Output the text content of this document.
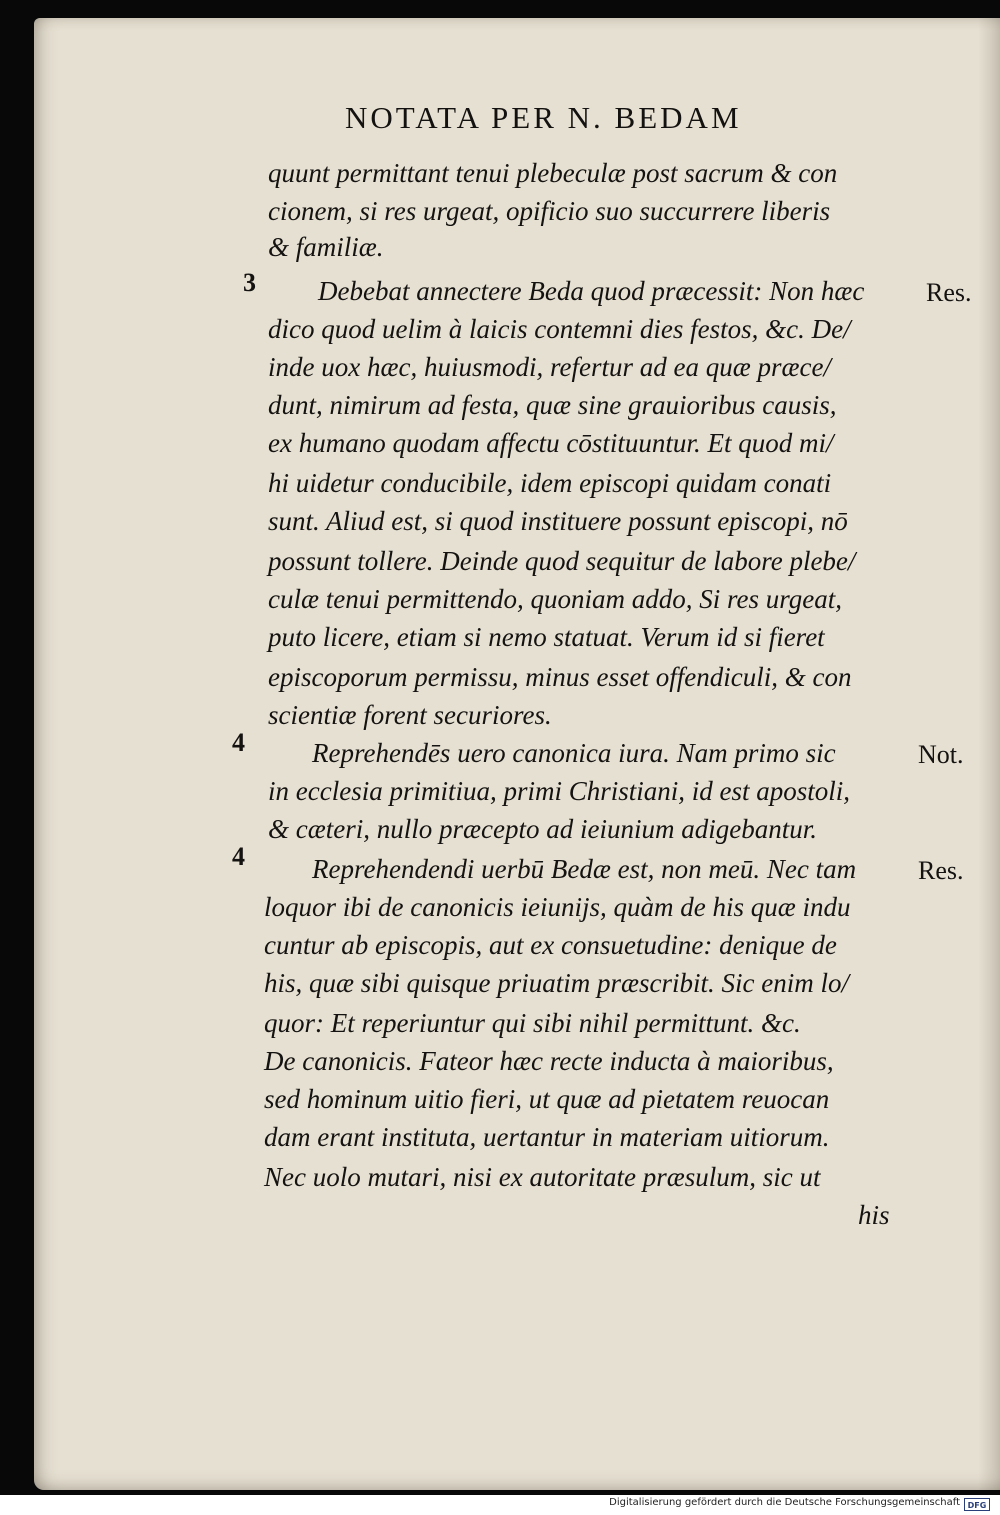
NOTATA PER N. BEDAM
quunt permittant tenui plebeculæ post sacrum & con
cionem, si res urgeat, opificio suo succurrere liberis
& familiæ.
Debebat annectere Beda quod præcessit: Non hæc
dico quod uelim à laicis contemni dies festos, &c. De/
inde uox hæc, huiusmodi, refertur ad ea quæ præce/
dunt, nimirum ad festa, quæ sine grauioribus causis,
ex humano quodam affectu cōstituuntur. Et quod mi/
hi uidetur conducibile, idem episcopi quidam conati
sunt. Aliud est, si quod instituere possunt episcopi, nō
possunt tollere. Deinde quod sequitur de labore plebe/
culæ tenui permittendo, quoniam addo, Si res urgeat,
puto licere, etiam si nemo statuat. Verum id si fieret
episcoporum permissu, minus esset offendiculi, & con
scientiæ forent securiores.
Reprehendēs uero canonica iura. Nam primo sic
in ecclesia primitiua, primi Christiani, id est apostoli,
& cæteri, nullo præcepto ad ieiunium adigebantur.
Reprehendendi uerbū Bedæ est, non meū. Nec tam
loquor ibi de canonicis ieiunijs, quàm de his quæ indu
cuntur ab episcopis, aut ex consuetudine: denique de
his, quæ sibi quisque priuatim præscribit. Sic enim lo/
quor: Et reperiuntur qui sibi nihil permittunt. &c.
De canonicis. Fateor hæc recte inducta à maioribus,
sed hominum uitio fieri, ut quæ ad pietatem reuocan
dam erant instituta, uertantur in materiam uitiorum.
Nec uolo mutari, nisi ex autoritate præsulum, sic ut
his
3
4
4
Res.
Not.
Res.
Digitalisierung gefördert durch die Deutsche Forschungsgemeinschaft DFG
